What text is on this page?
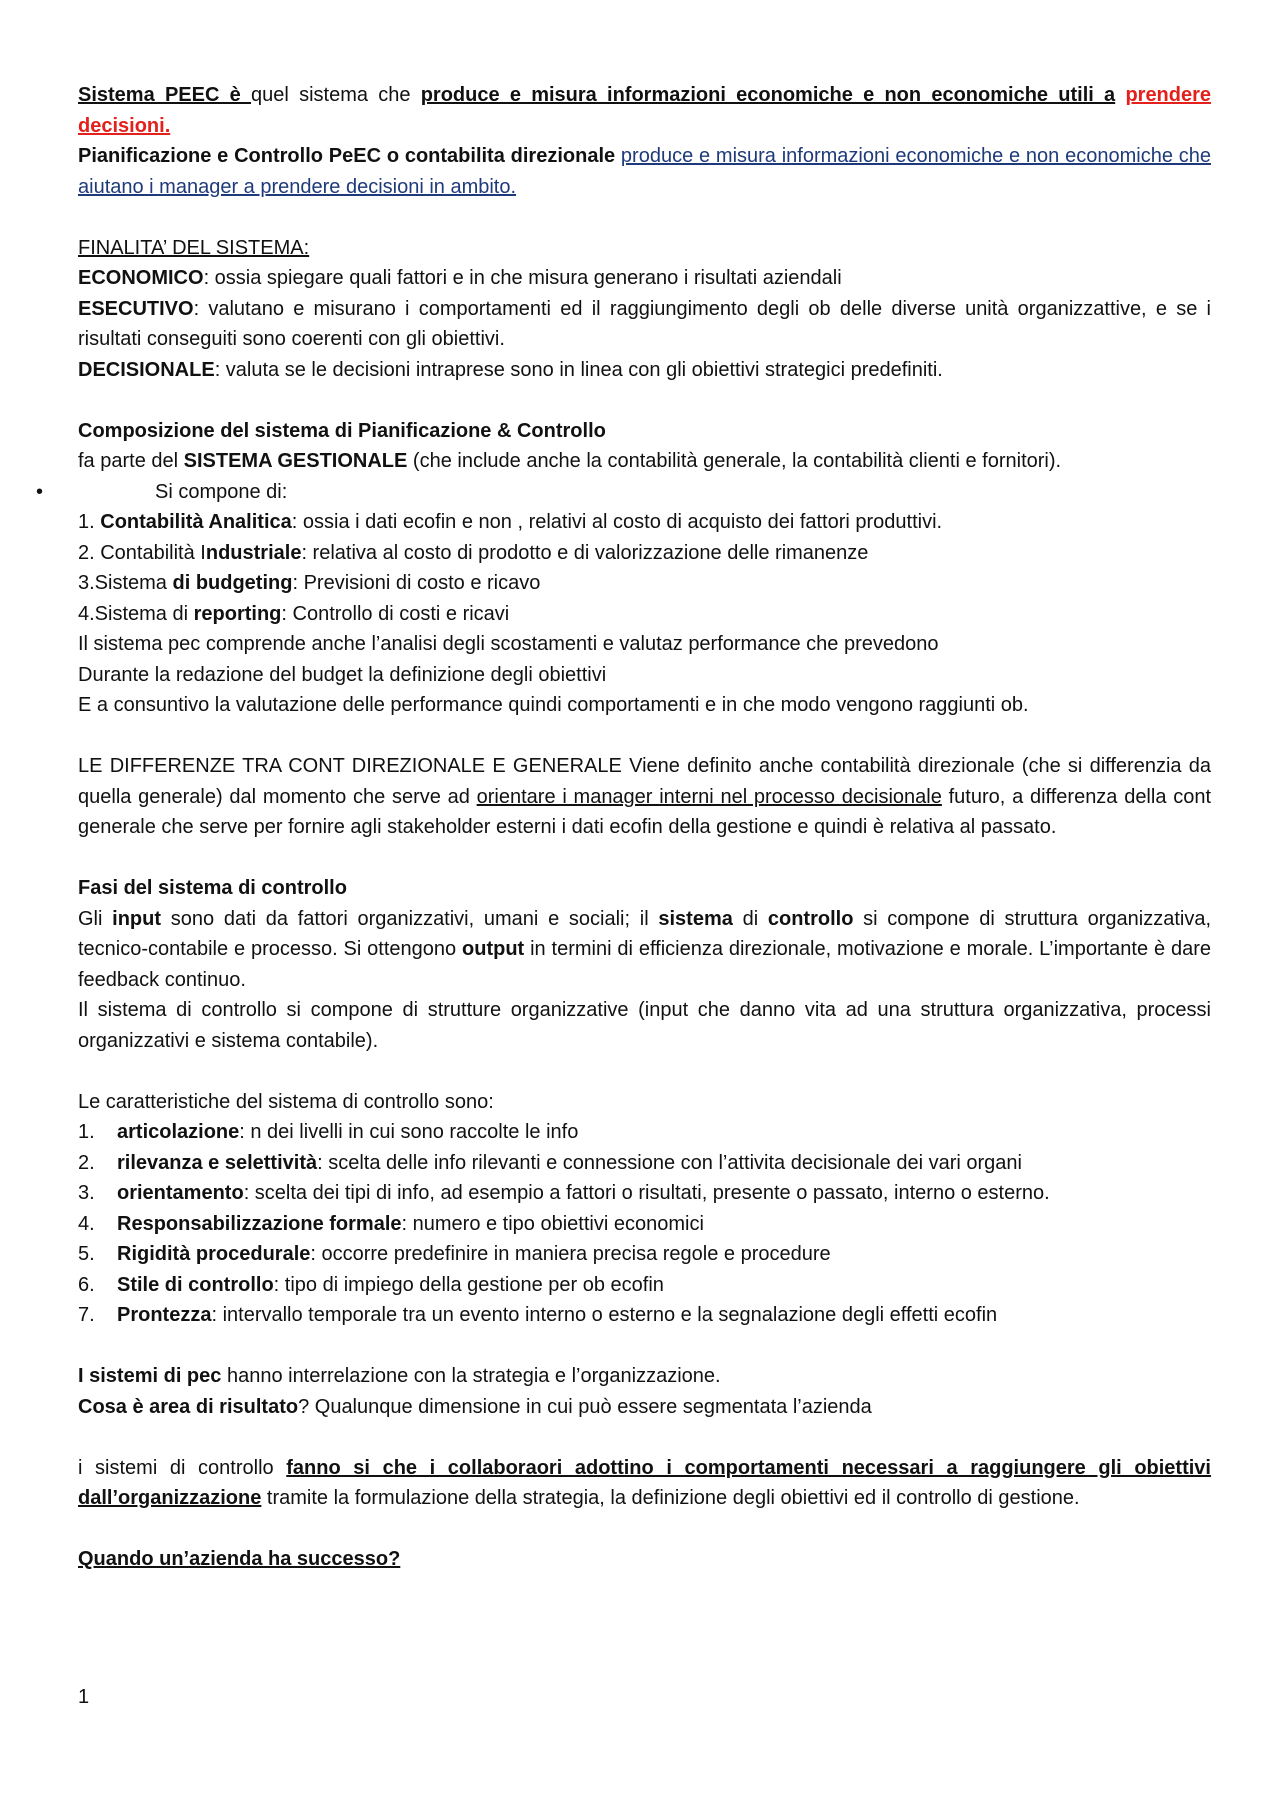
Sistema PEEC è quel sistema che produce e misura informazioni economiche e non economiche utili a prendere decisioni.

Pianificazione e Controllo PeEC o contabilita direzionale produce e misura informazioni economiche e non economiche che aiutano i manager a prendere decisioni in ambito.

FINALITA’ DEL SISTEMA:

ECONOMICO: ossia spiegare quali fattori e in che misura generano i risultati aziendali

ESECUTIVO: valutano e misurano i comportamenti ed il raggiungimento degli ob delle diverse unità organizzattive, e se i risultati conseguiti sono coerenti con gli obiettivi.

DECISIONALE: valuta se le decisioni intraprese sono in linea con gli obiettivi strategici predefiniti.

Composizione del sistema di Pianificazione & Controllo

fa parte del SISTEMA GESTIONALE (che include anche la contabilità generale, la contabilità clienti e fornitori).

•	Si compone di:

1. Contabilità Analitica: ossia i dati ecofin e non , relativi al costo di acquisto dei fattori produttivi.

2. Contabilità Industriale: relativa al costo di prodotto e di valorizzazione delle rimanenze

3.Sistema di budgeting: Previsioni di costo e ricavo

4.Sistema di reporting: Controllo di costi e ricavi

Il sistema pec comprende anche l’analisi degli scostamenti e valutaz performance che prevedono

Durante la redazione del budget la definizione degli obiettivi

E a consuntivo la valutazione delle performance quindi comportamenti e in che modo vengono raggiunti ob.

LE DIFFERENZE TRA CONT DIREZIONALE E GENERALE Viene definito anche contabilità direzionale (che si differenzia da quella generale) dal momento che serve ad orientare i manager interni nel processo decisionale futuro, a differenza della cont generale che serve per fornire agli stakeholder esterni i dati ecofin della gestione e quindi è relativa al passato.

Fasi del sistema di controllo

Gli input sono dati da fattori organizzativi, umani e sociali; il sistema di controllo si compone di struttura organizzativa, tecnico-contabile e processo. Si ottengono output in termini di efficienza direzionale, motivazione e morale. L’importante è dare feedback continuo.

Il sistema di controllo si compone di strutture organizzative (input che danno vita ad una struttura organizzativa, processi organizzativi e sistema contabile).

Le caratteristiche del sistema di controllo sono:

1.	articolazione: n dei livelli in cui sono raccolte le info
2.	rilevanza e selettività: scelta delle info rilevanti e connessione con l’attivita decisionale dei vari organi
3.	orientamento: scelta dei tipi di info, ad esempio a fattori o risultati, presente o passato, interno o esterno.
4.	Responsabilizzazione formale: numero e tipo obiettivi economici
5.	Rigidità procedurale: occorre predefinire in maniera precisa regole e procedure
6.	Stile di controllo: tipo di impiego della gestione per ob ecofin
7.	Prontezza: intervallo temporale tra un evento interno o esterno e la segnalazione degli effetti ecofin

I sistemi di pec hanno interrelazione con la strategia e l’organizzazione.

Cosa è area di risultato? Qualunque dimensione in cui può essere segmentata l’azienda

i sistemi di controllo fanno si che i collaboraori adottino i comportamenti necessari a raggiungere gli obiettivi dall’organizzazione tramite la formulazione della strategia, la definizione degli obiettivi ed il controllo di gestione.

Quando un’azienda ha successo?

1
